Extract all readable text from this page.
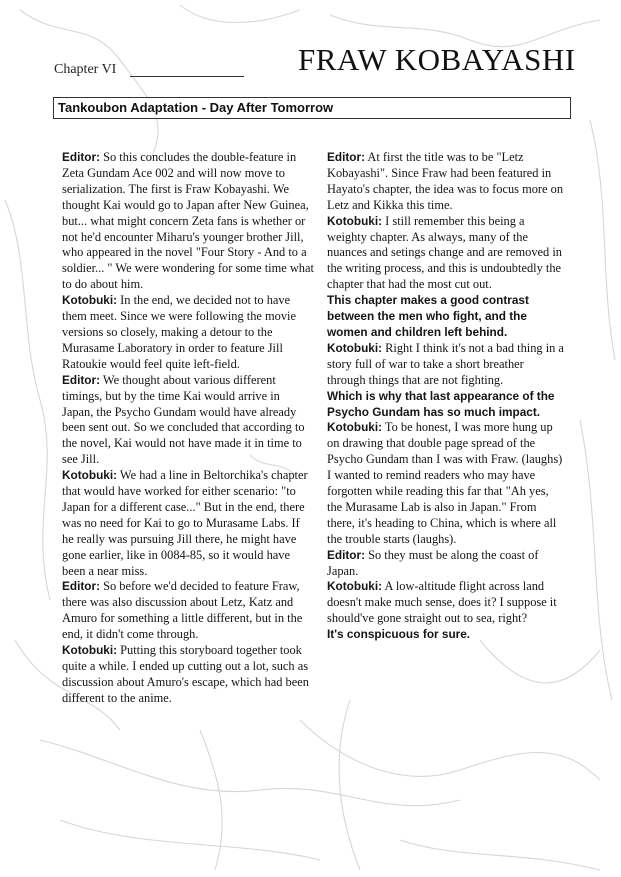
Chapter VI	FRAW KOBAYASHI
Tankoubon Adaptation - Day After Tomorrow

Editor: So this concludes the double-feature in Zeta Gundam Ace 002 and will now move to serialization. The first is Fraw Kobayashi. We thought Kai would go to Japan after New Guinea, but... what might concern Zeta fans is whether or not he'd encounter Miharu's younger brother Jill, who appeared in the novel "Four Story - And to a soldier... " We were wondering for some time what to do about him.

Kotobuki: In the end, we decided not to have them meet. Since we were following the movie versions so closely, making a detour to the Murasame Laboratory in order to feature Jill Ratoukie would feel quite left-field.

Editor: We thought about various different timings, but by the time Kai would arrive in Japan, the Psycho Gundam would have already been sent out. So we concluded that according to the novel, Kai would not have made it in time to see Jill.

Kotobuki: We had a line in Beltorchika's chapter that would have worked for either scenario: "to Japan for a different case..." But in the end, there was no need for Kai to go to Murasame Labs. If he really was pursuing Jill there, he might have gone earlier, like in 0084-85, so it would have been a near miss.

Editor: So before we'd decided to feature Fraw, there was also discussion about Letz, Katz and Amuro for something a little different, but in the end, it didn't come through.

Kotobuki: Putting this storyboard together took quite a while. I ended up cutting out a lot, such as discussion about Amuro's escape, which had been different to the anime.

Editor: At first the title was to be "Letz Kobayashi". Since Fraw had been featured in Hayato's chapter, the idea was to focus more on Letz and Kikka this time.

Kotobuki: I still remember this being a weighty chapter. As always, many of the nuances and setings change and are removed in the writing process, and this is undoubtedly the chapter that had the most cut out.

This chapter makes a good contrast between the men who fight, and the women and children left behind.

Kotobuki: Right I think it's not a bad thing in a story full of war to take a short breather through things that are not fighting.

Which is why that last appearance of the Psycho Gundam has so much impact.

Kotobuki: To be honest, I was more hung up on drawing that double page spread of the Psycho Gundam than I was with Fraw. (laughs) I wanted to remind readers who may have forgotten while reading this far that "Ah yes, the Murasame Lab is also in Japan." From there, it's heading to China, which is where all the trouble starts (laughs).

Editor: So they must be along the coast of Japan.

Kotobuki: A low-altitude flight across land doesn't make much sense, does it? I suppose it should've gone straight out to sea, right?

It's conspicuous for sure.
